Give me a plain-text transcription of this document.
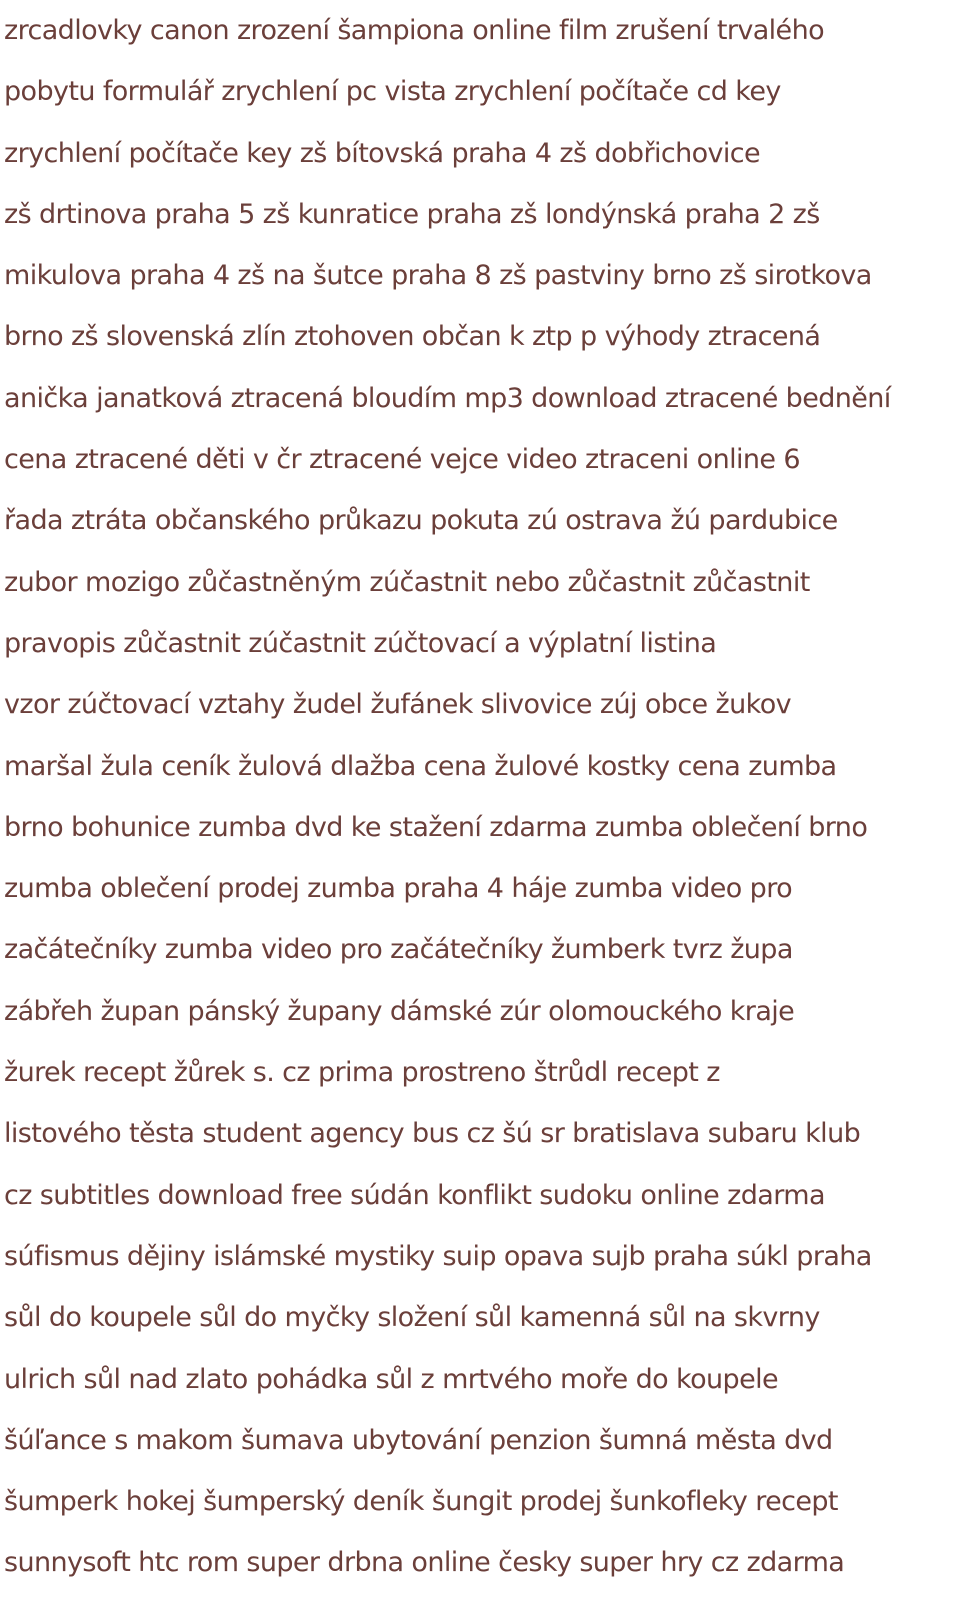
zrcadlovky canon zrození šampiona online film zrušení trvalého
pobytu formulář zrychlení pc vista zrychlení počítače cd key
zrychlení počítače key zš bítovská praha 4 zš dobřichovice
zš drtinova praha 5 zš kunratice praha zš londýnská praha 2 zš
mikulova praha 4 zš na šutce praha 8 zš pastviny brno zš sirotkova
brno zš slovenská zlín ztohoven občan k ztp p výhody ztracená
anička janatková ztracená bloudím mp3 download ztracené bednění
cena ztracené děti v čr ztracené vejce video ztraceni online 6
řada ztráta občanského průkazu pokuta zú ostrava žú pardubice
zubor mozigo zůčastněným zúčastnit nebo zůčastnit zůčastnit
pravopis zůčastnit zúčastnit zúčtovací a výplatní listina
vzor zúčtovací vztahy žudel žufánek slivovice zúj obce žukov
maršal žula ceník žulová dlažba cena žulové kostky cena zumba
brno bohunice zumba dvd ke stažení zdarma zumba oblečení brno
zumba oblečení prodej zumba praha 4 háje zumba video pro
začátečníky zumba video pro začátečníky žumberk tvrz župa
zábřeh župan pánský župany dámské zúr olomouckého kraje
žurek recept žůrek s. cz prima prostreno štrůdl recept z
listového těsta student agency bus cz šú sr bratislava subaru klub
cz subtitles download free súdán konflikt sudoku online zdarma
súfismus dějiny islámské mystiky suip opava sujb praha súkl praha
sůl do koupele sůl do myčky složení sůl kamenná sůl na skvrny
ulrich sůl nad zlato pohádka sůl z mrtvého moře do koupele
šúľance s makom šumava ubytování penzion šumná města dvd
šumperk hokej šumperský deník šungit prodej šunkofleky recept
sunnysoft htc rom super drbna online česky super hry cz zdarma
